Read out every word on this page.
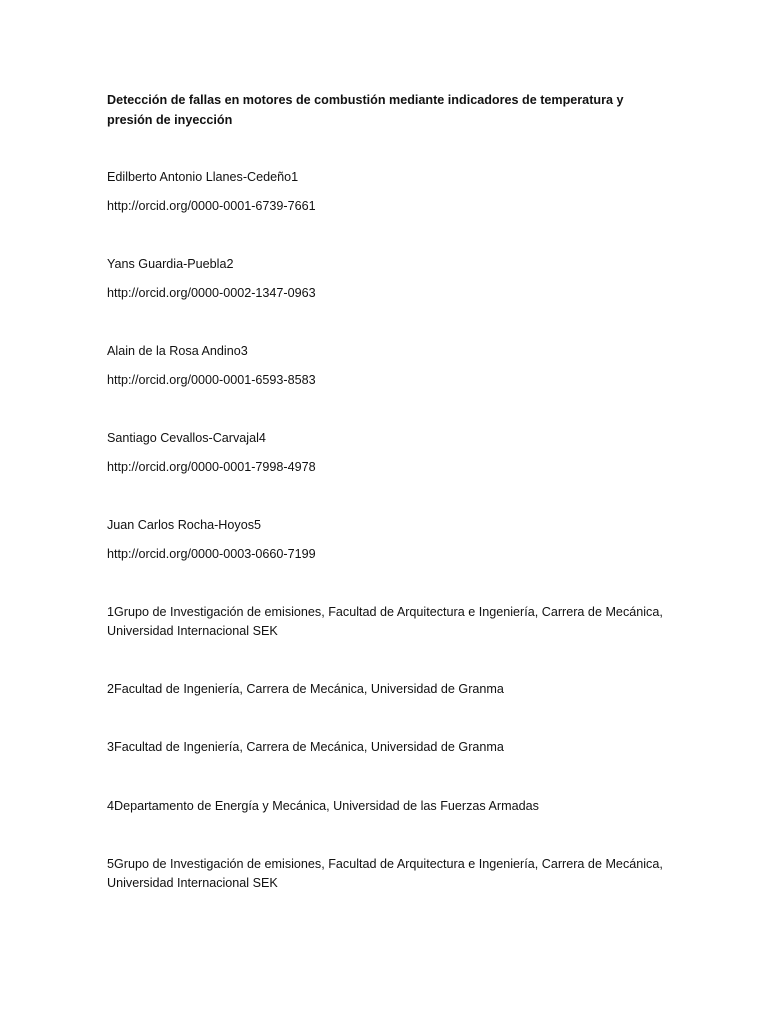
Detección de fallas en motores de combustión mediante indicadores de temperatura y presión de inyección

Edilberto Antonio Llanes-Cedeño1

http://orcid.org/0000-0001-6739-7661

Yans Guardia-Puebla2

http://orcid.org/0000-0002-1347-0963

Alain de la Rosa Andino3

http://orcid.org/0000-0001-6593-8583

Santiago Cevallos-Carvajal4

http://orcid.org/0000-0001-7998-4978

Juan Carlos Rocha-Hoyos5

http://orcid.org/0000-0003-0660-7199

1Grupo de Investigación de emisiones, Facultad de Arquitectura e Ingeniería, Carrera de Mecánica, Universidad Internacional SEK

2Facultad de Ingeniería, Carrera de Mecánica, Universidad de Granma

3Facultad de Ingeniería, Carrera de Mecánica, Universidad de Granma

4Departamento de Energía y Mecánica, Universidad de las Fuerzas Armadas

5Grupo de Investigación de emisiones, Facultad de Arquitectura e Ingeniería, Carrera de Mecánica, Universidad Internacional SEK
